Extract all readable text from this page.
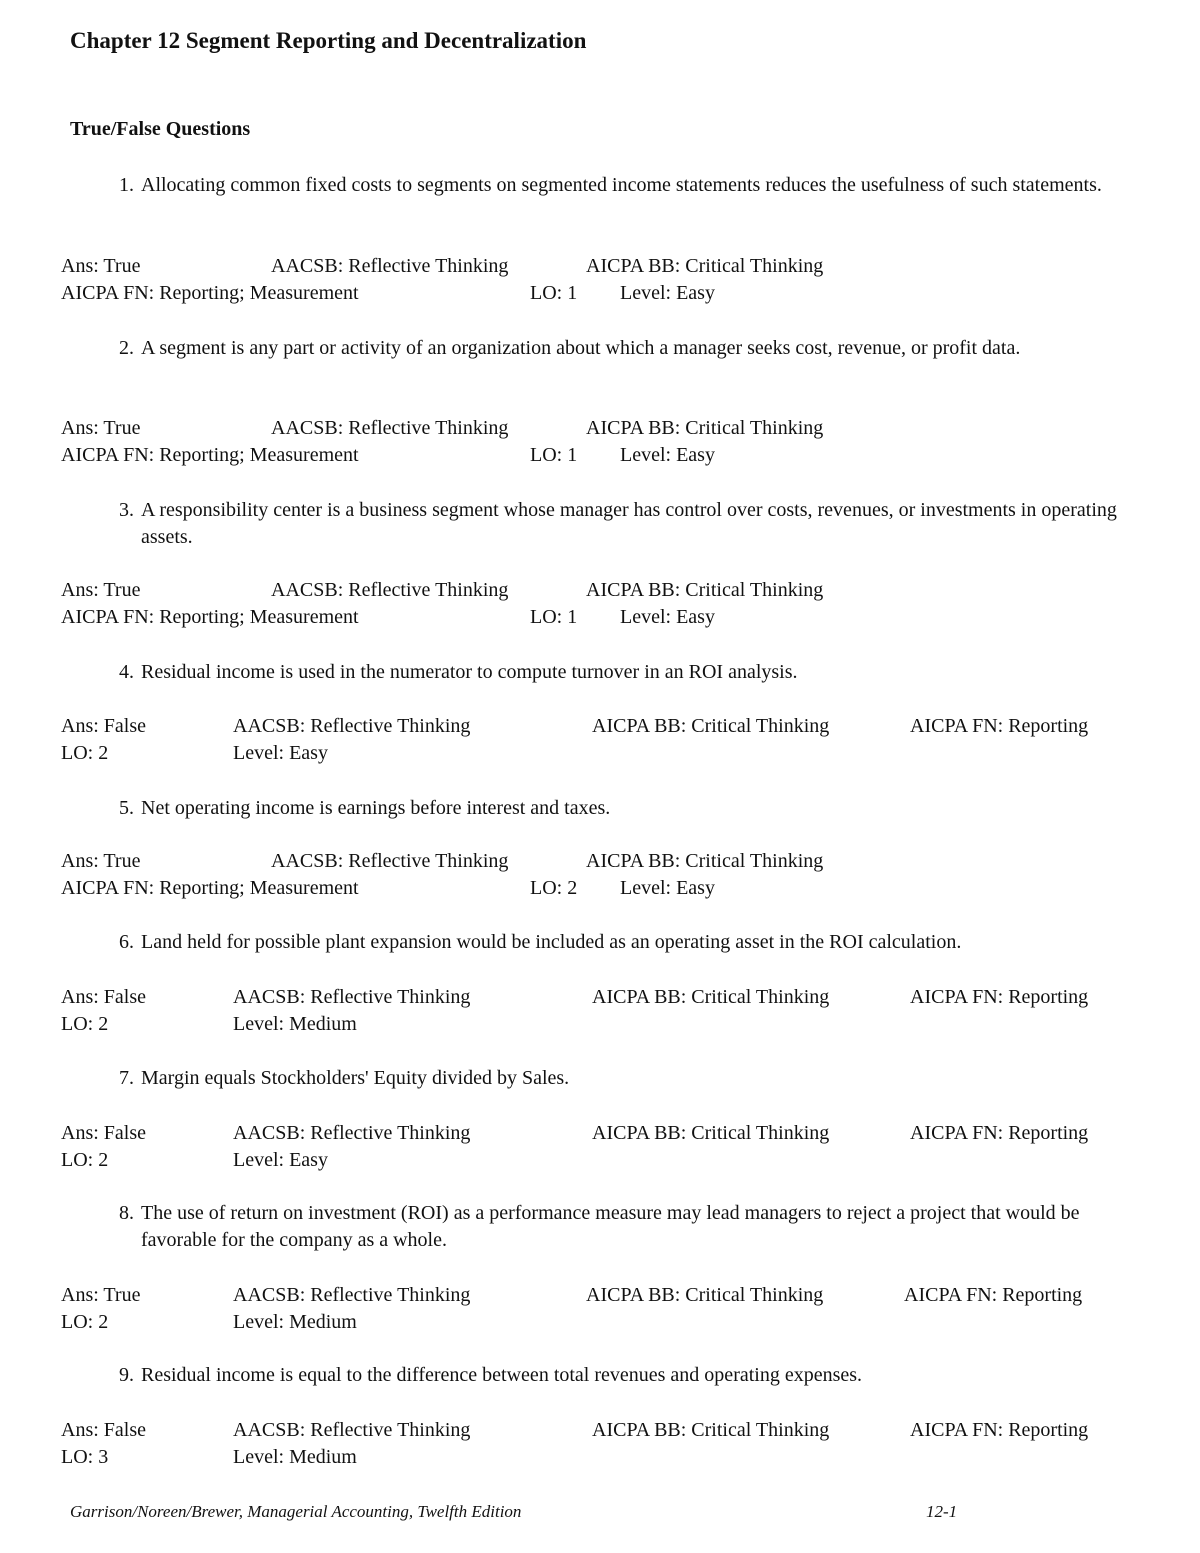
Chapter 12 Segment Reporting and Decentralization
True/False Questions
1. Allocating common fixed costs to segments on segmented income statements reduces the usefulness of such statements.
Ans: True	AACSB: Reflective Thinking	AICPA BB: Critical Thinking
AICPA FN: Reporting; Measurement	LO: 1 Level: Easy
2. A segment is any part or activity of an organization about which a manager seeks cost, revenue, or profit data.
Ans: True	AACSB: Reflective Thinking	AICPA BB: Critical Thinking
AICPA FN: Reporting; Measurement	LO: 1 Level: Easy
3. A responsibility center is a business segment whose manager has control over costs, revenues, or investments in operating assets.
Ans: True	AACSB: Reflective Thinking	AICPA BB: Critical Thinking
AICPA FN: Reporting; Measurement	LO: 1 Level: Easy
4. Residual income is used in the numerator to compute turnover in an ROI analysis.
Ans: False	AACSB: Reflective Thinking	AICPA BB: Critical Thinking	AICPA FN: Reporting
LO: 2	Level: Easy
5. Net operating income is earnings before interest and taxes.
Ans: True	AACSB: Reflective Thinking	AICPA BB: Critical Thinking
AICPA FN: Reporting; Measurement	LO: 2 Level: Easy
6. Land held for possible plant expansion would be included as an operating asset in the ROI calculation.
Ans: False	AACSB: Reflective Thinking	AICPA BB: Critical Thinking	AICPA FN: Reporting
LO: 2	Level: Medium
7. Margin equals Stockholders' Equity divided by Sales.
Ans: False	AACSB: Reflective Thinking	AICPA BB: Critical Thinking	AICPA FN: Reporting
LO: 2	Level: Easy
8. The use of return on investment (ROI) as a performance measure may lead managers to reject a project that would be favorable for the company as a whole.
Ans: True	AACSB: Reflective Thinking	AICPA BB: Critical Thinking	AICPA FN: Reporting
LO: 2	Level: Medium
9. Residual income is equal to the difference between total revenues and operating expenses.
Ans: False	AACSB: Reflective Thinking	AICPA BB: Critical Thinking	AICPA FN: Reporting
LO: 3	Level: Medium
Garrison/Noreen/Brewer, Managerial Accounting, Twelfth Edition	12-1
